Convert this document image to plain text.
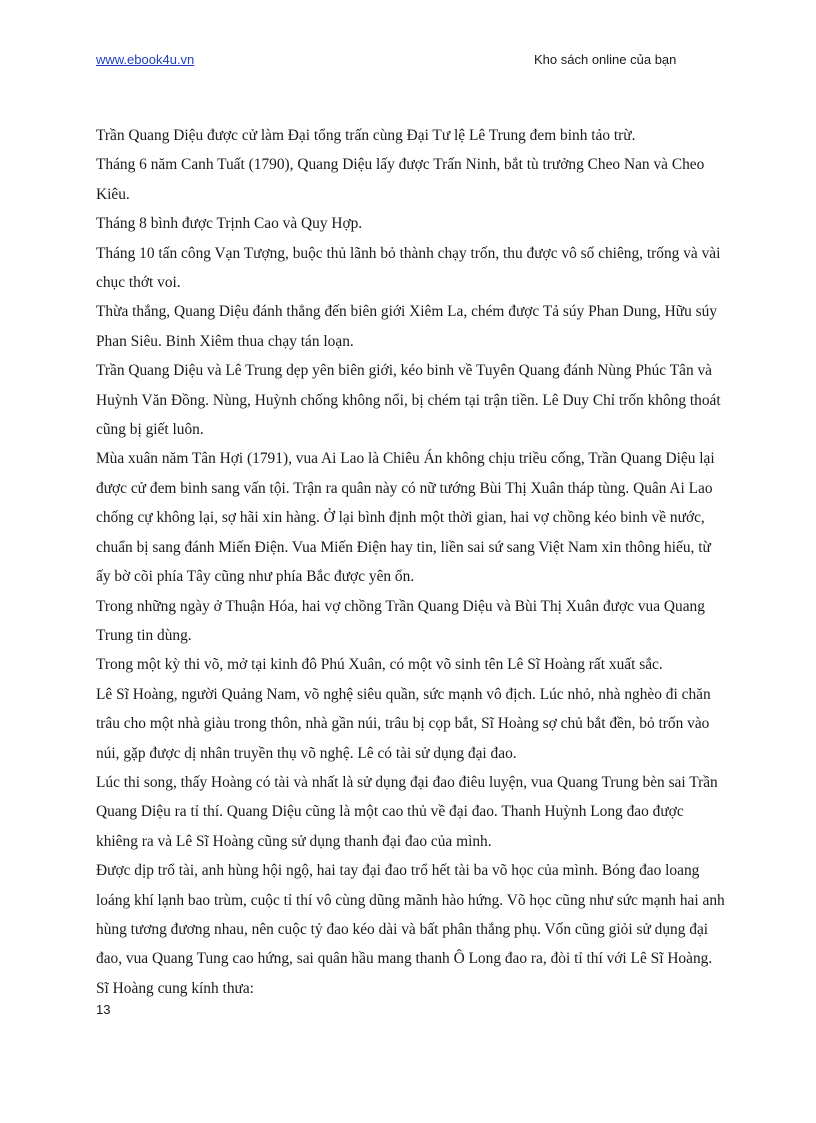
www.ebook4u.vn	Kho sách online của bạn

Trần Quang Diệu được cử làm Đại tổng trấn cùng Đại Tư lệ Lê Trung đem binh tảo trừ.

Tháng 6 năm Canh Tuất (1790), Quang Diệu lấy được Trấn Ninh, bắt tù trưởng Cheo Nan và Cheo Kiêu.

Tháng 8 bình được Trịnh Cao và Quy Hợp.

Tháng 10 tấn công Vạn Tượng, buộc thủ lãnh bỏ thành chạy trốn, thu được vô số chiêng, trống và vài chục thớt voi.

Thừa thắng, Quang Diệu đánh thẳng đến biên giới Xiêm La, chém được Tả súy Phan Dung, Hữu súy Phan Siêu. Binh Xiêm thua chạy tán loạn.

Trần Quang Diệu và Lê Trung dẹp yên biên giới, kéo binh về Tuyên Quang đánh Nùng Phúc Tân và Huỳnh Văn Đồng. Nùng, Huỳnh chống không nổi, bị chém tại trận tiền. Lê Duy Chỉ trốn không thoát cũng bị giết luôn.

Mùa xuân năm Tân Hợi (1791), vua Ai Lao là Chiêu Án không chịu triều cống, Trần Quang Diệu lại được cử đem binh sang vấn tội. Trận ra quân này có nữ tướng Bùi Thị Xuân tháp tùng. Quân Ai Lao chống cự không lại, sợ hãi xin hàng. Ở lại bình định một thời gian, hai vợ chồng kéo binh về nước, chuẩn bị sang đánh Miến Điện. Vua Miến Điện hay tin, liền sai sứ sang Việt Nam xin thông hiếu, từ ấy bờ cõi phía Tây cũng như phía Bắc được yên ổn.

Trong những ngày ở Thuận Hóa, hai vợ chồng Trần Quang Diệu và Bùi Thị Xuân được vua Quang Trung tin dùng.

Trong một kỳ thi võ, mở tại kinh đô Phú Xuân, có một võ sinh tên Lê Sĩ Hoàng rất xuất sắc.

Lê Sĩ Hoàng, người Quảng Nam, võ nghệ siêu quần, sức mạnh vô địch. Lúc nhỏ, nhà nghèo đi chăn trâu cho một nhà giàu trong thôn, nhà gần núi, trâu bị cọp bắt, Sĩ Hoàng sợ chủ bắt đền, bỏ trốn vào núi, gặp được dị nhân truyền thụ võ nghệ. Lê có tài sử dụng đại đao.

Lúc thi song, thấy Hoàng có tài và nhất là sử dụng đại đao điêu luyện, vua Quang Trung bèn sai Trần Quang Diệu ra tỉ thí. Quang Diệu cũng là một cao thủ về đại đao. Thanh Huỳnh Long đao được khiêng ra và Lê Sĩ Hoàng cũng sử dụng thanh đại đao của mình.

Được dịp trổ tài, anh hùng hội ngộ, hai tay đại đao trổ hết tài ba võ học của mình. Bóng đao loang loáng khí lạnh bao trùm, cuộc tỉ thí vô cùng dũng mãnh hào hứng. Võ học cũng như sức mạnh hai anh hùng tương đương nhau, nên cuộc tỷ đao kéo dài và bất phân thắng phụ. Vốn cũng giỏi sử dụng đại đao, vua Quang Tung cao hứng, sai quân hầu mang thanh Ô Long đao ra, đòi tỉ thí với Lê Sĩ Hoàng. Sĩ Hoàng cung kính thưa:

13
